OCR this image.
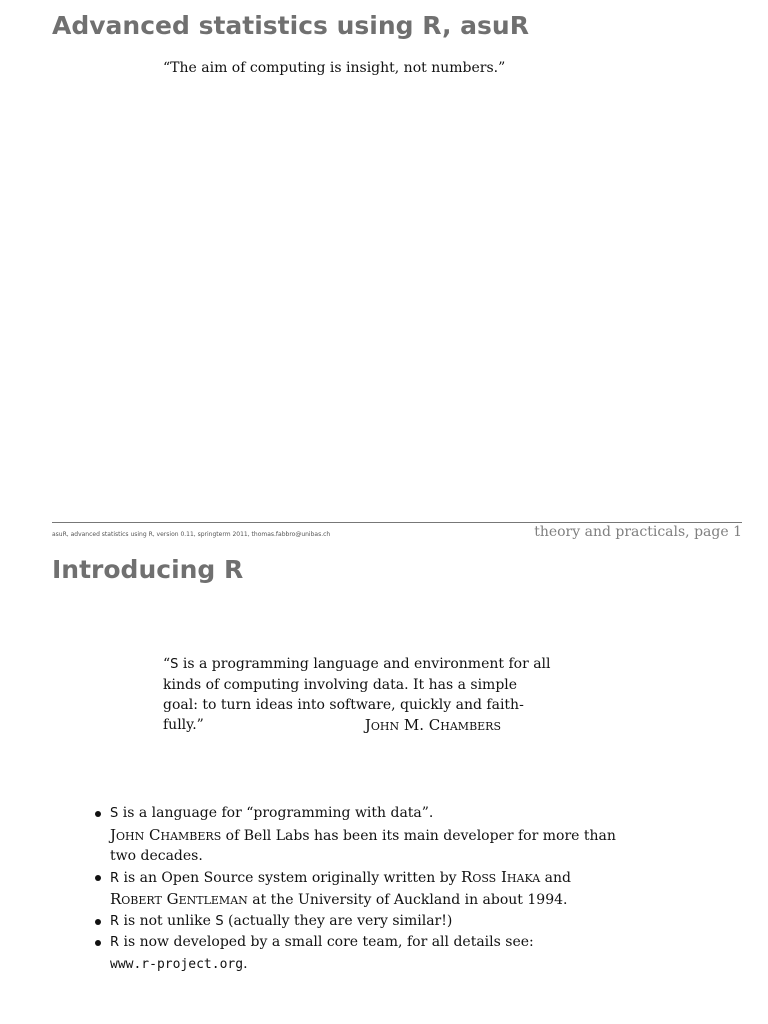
Advanced statistics using R, asuR
“The aim of computing is insight, not numbers.”
asuR, advanced statistics using R, version 0.11, springterm 2011, thomas.fabbro@unibas.ch	theory and practicals, page 1
Introducing R
“S is a programming language and environment for all
kinds of computing involving data. It has a simple
goal: to turn ideas into software, quickly and faith-
fully.”	John M. Chambers
S is a language for “programming with data”.
John Chambers of Bell Labs has been its main developer for more than two decades.
R is an Open Source system originally written by Ross Ihaka and Robert Gentleman at the University of Auckland in about 1994.
R is not unlike S (actually they are very similar!)
R is now developed by a small core team, for all details see:
www.r-project.org.
